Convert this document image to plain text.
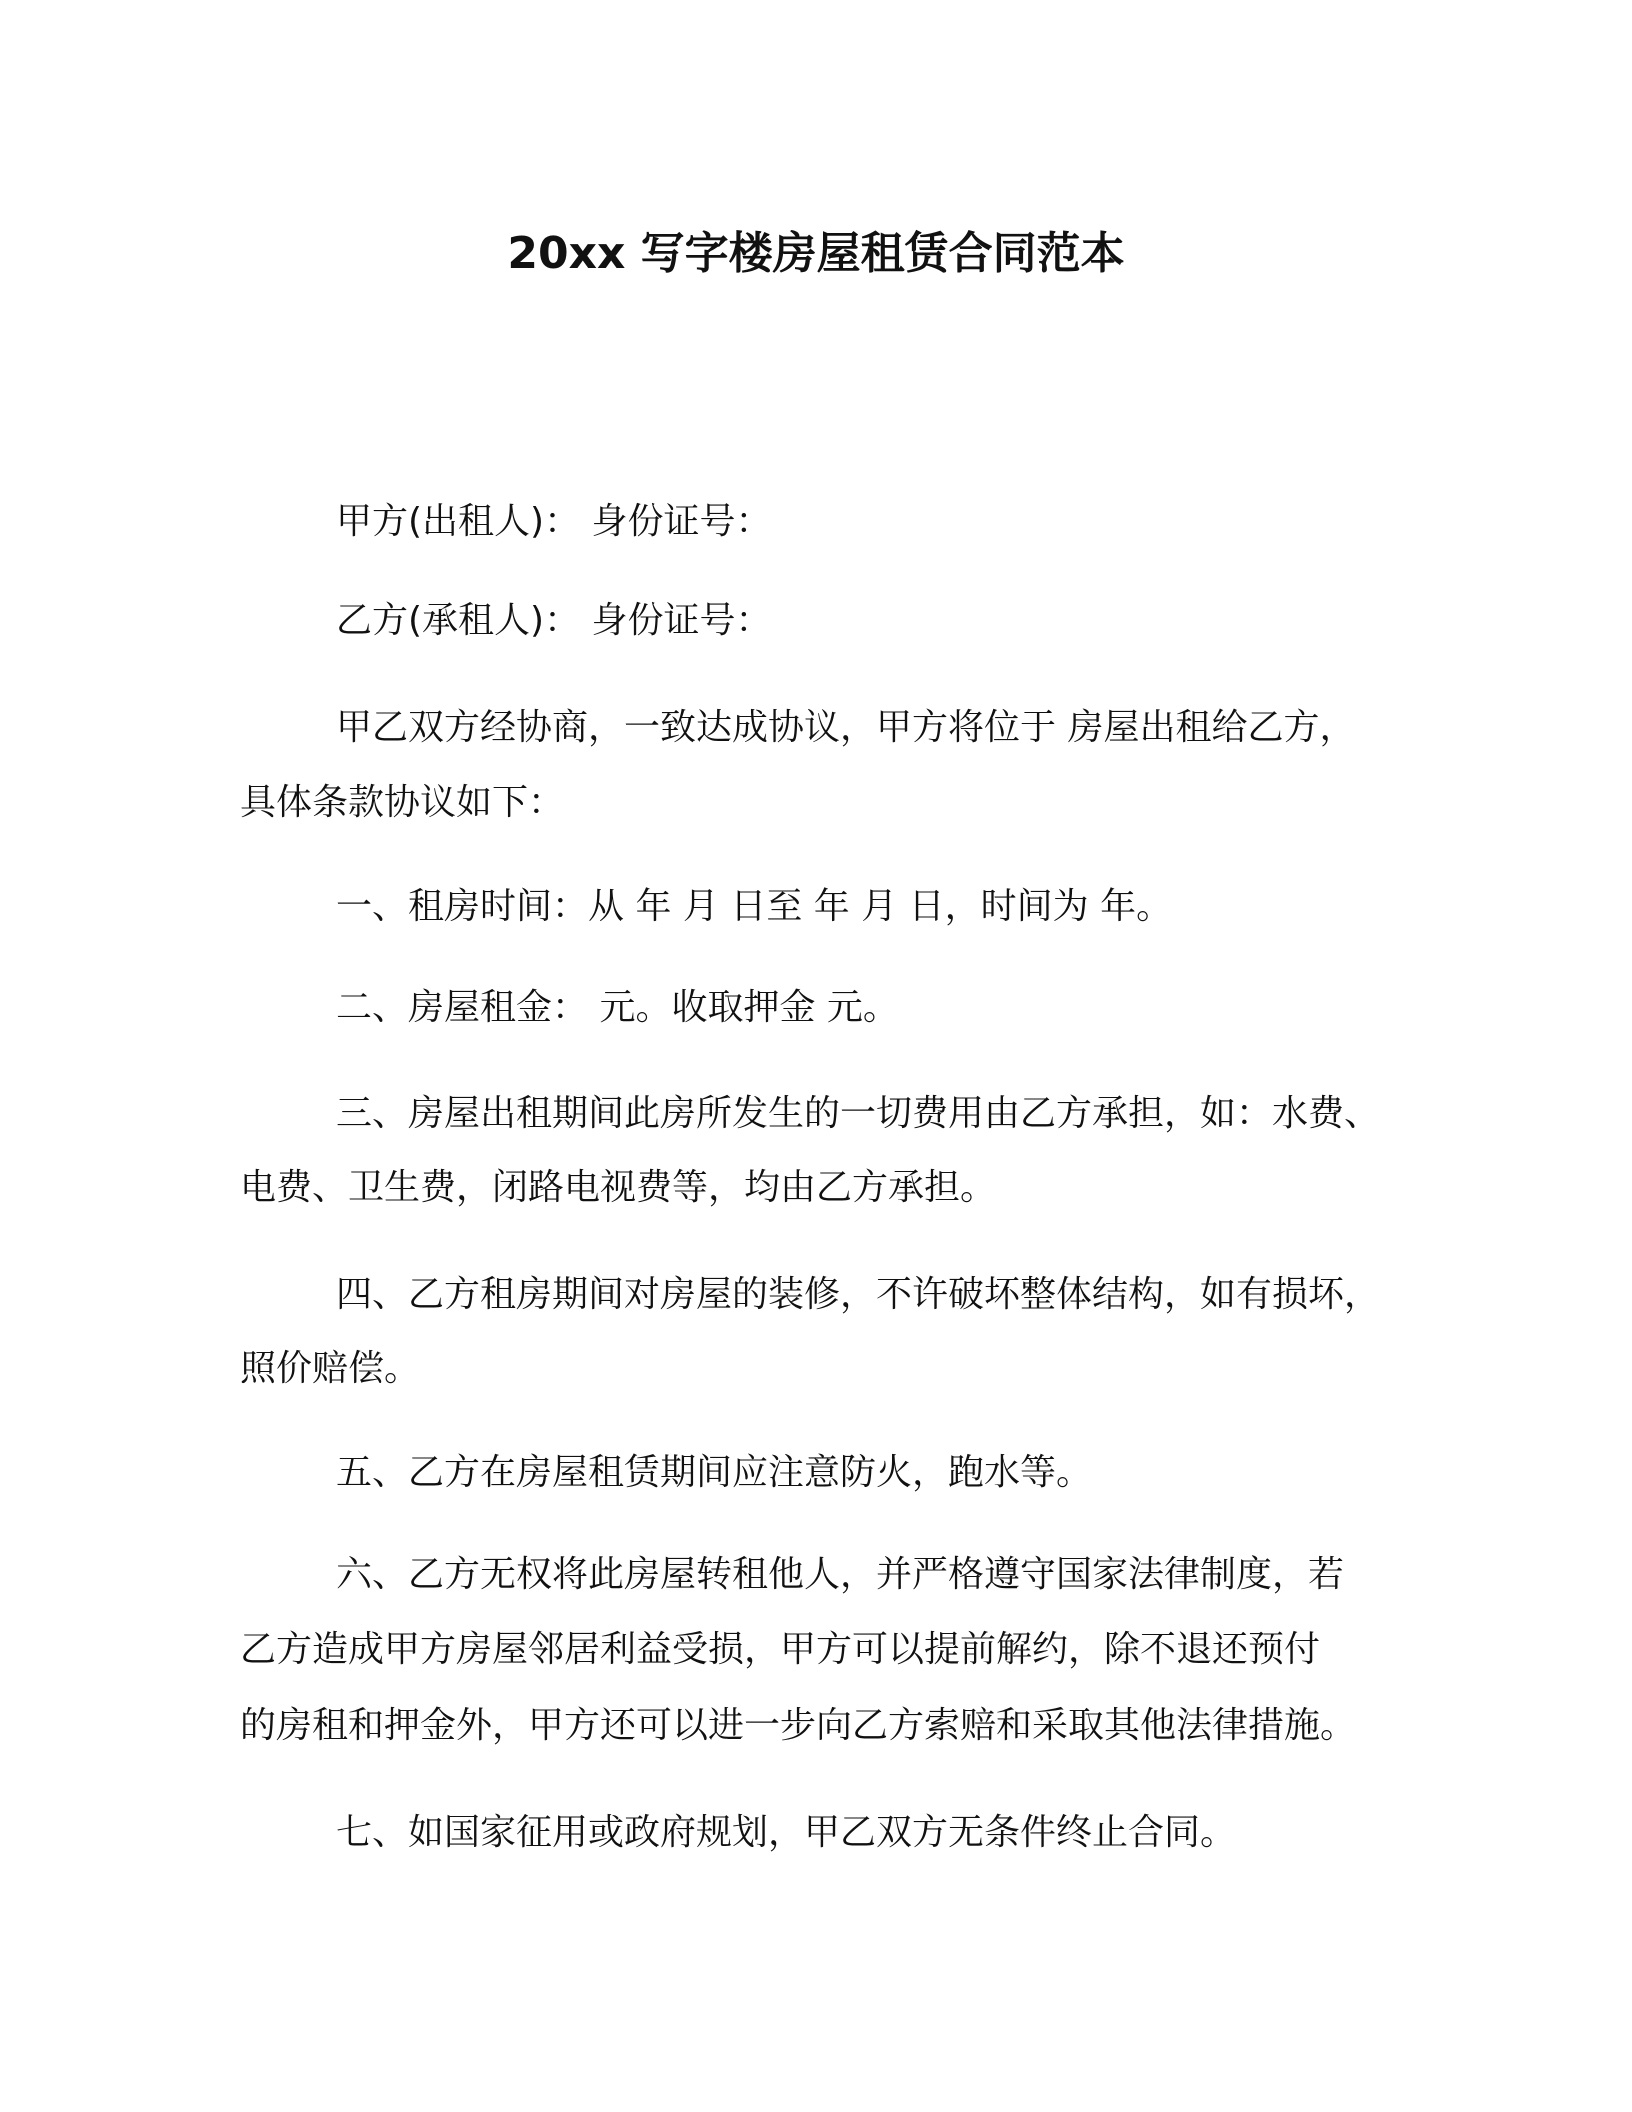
20xx 写字楼房屋租赁合同范本
甲方(出租人)： 身份证号：
乙方(承租人)： 身份证号：
甲乙双方经协商，一致达成协议，甲方将位于 房屋出租给乙方，
具体条款协议如下：
一、租房时间：从 年 月 日至 年 月 日，时间为 年。
二、房屋租金： 元。收取押金 元。
三、房屋出租期间此房所发生的一切费用由乙方承担，如：水费、
电费、卫生费，闭路电视费等，均由乙方承担。
四、乙方租房期间对房屋的装修，不许破坏整体结构，如有损坏，
照价赔偿。
五、乙方在房屋租赁期间应注意防火，跑水等。
六、乙方无权将此房屋转租他人，并严格遵守国家法律制度，若
乙方造成甲方房屋邻居利益受损，甲方可以提前解约，除不退还预付
的房租和押金外，甲方还可以进一步向乙方索赔和采取其他法律措施。
七、如国家征用或政府规划，甲乙双方无条件终止合同。
